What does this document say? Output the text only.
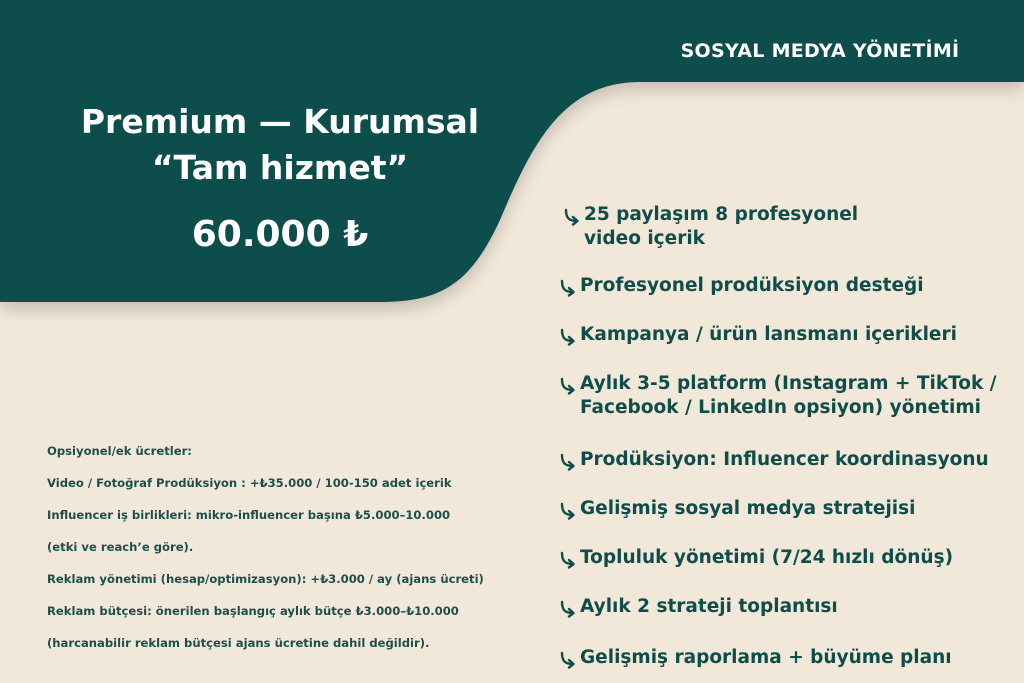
SOSYAL MEDYA YÖNETİMİ
Premium — Kurumsal
“Tam hizmet”
60.000 ₺	25 paylaşım 8 profesyonel
video içerik
Profesyonel prodüksiyon desteği
Kampanya / ürün lansmanı içerikleri
Aylık 3-5 platform (Instagram + TikTok /
Facebook / LinkedIn opsiyon) yönetimi
Prodüksiyon: Influencer koordinasyonu
Gelişmiş sosyal medya stratejisi
Topluluk yönetimi (7/24 hızlı dönüş)
Aylık 2 strateji toplantısı
Gelişmiş raporlama + büyüme planı
Opsiyonel/ek ücretler:
Video / Fotoğraf Prodüksiyon : +₺35.000 / 100-150 adet içerik
Influencer iş birlikleri: mikro-influencer başına ₺5.000–10.000
(etki ve reach’e göre).
Reklam yönetimi (hesap/optimizasyon): +₺3.000 / ay (ajans ücreti)
Reklam bütçesi: önerilen başlangıç aylık bütçe ₺3.000–₺10.000
(harcanabilir reklam bütçesi ajans ücretine dahil değildir).
